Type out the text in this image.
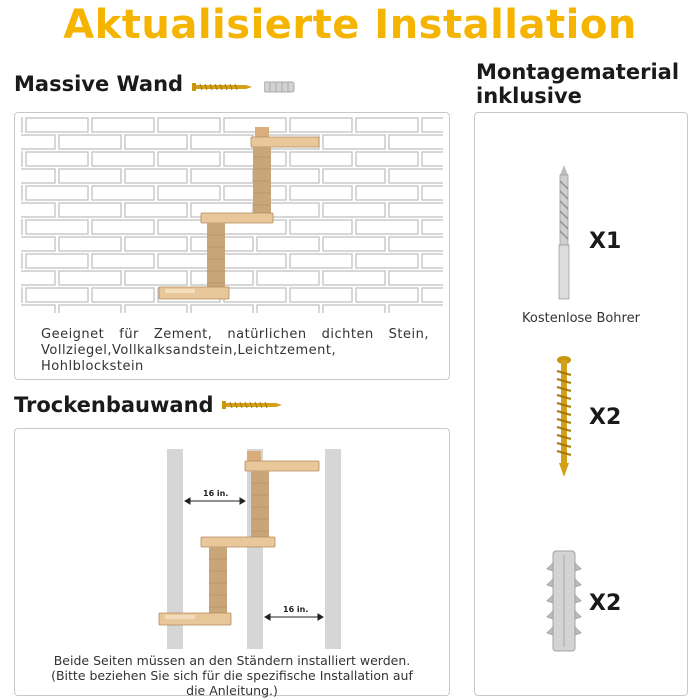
Aktualisierte Installation
Massive Wand
Geeignet für Zement, natürlichen dichten Stein, Vollziegel,Vollkalksandstein,Leichtzement, Hohlblockstein
Trockenbauwand
16 in.
16 in.
Beide Seiten müssen an den Ständern installiert werden.
(Bitte beziehen Sie sich für die spezifische Installation auf
die Anleitung.)
Montagematerial
inklusive
X1
Kostenlose Bohrer
X2
X2
